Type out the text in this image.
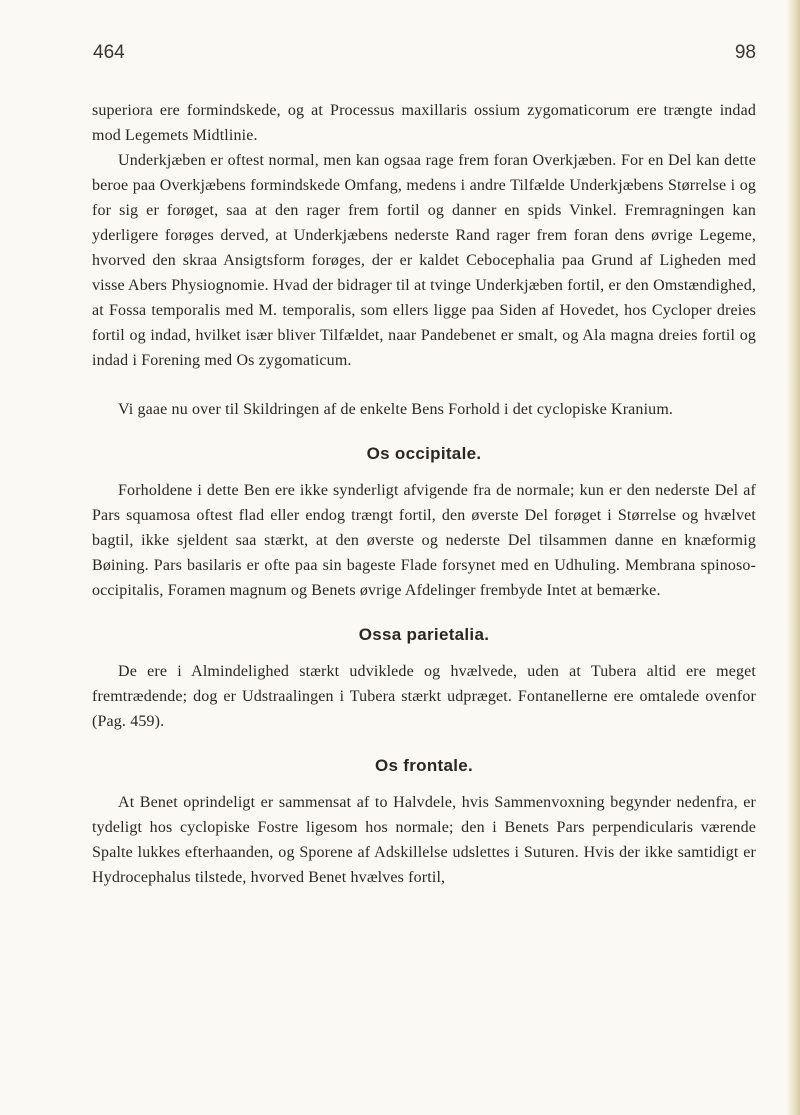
464	98

superiora ere formindskede, og at Processus maxillaris ossium zygomaticorum ere trængte indad mod Legemets Midtlinie.

Underkjæben er oftest normal, men kan ogsaa rage frem foran Overkjæben. For en Del kan dette beroe paa Overkjæbens formindskede Omfang, medens i andre Tilfælde Underkjæbens Størrelse i og for sig er forøget, saa at den rager frem fortil og danner en spids Vinkel. Fremragningen kan yderligere forøges derved, at Underkjæbens nederste Rand rager frem foran dens øvrige Legeme, hvorved den skraa Ansigtsform forøges, der er kaldet Cebocephalia paa Grund af Ligheden med visse Abers Physiognomie. Hvad der bidrager til at tvinge Underkjæben fortil, er den Omstændighed, at Fossa temporalis med M. temporalis, som ellers ligge paa Siden af Hovedet, hos Cycloper dreies fortil og indad, hvilket især bliver Tilfældet, naar Pandebenet er smalt, og Ala magna dreies fortil og indad i Forening med Os zygomaticum.

Vi gaae nu over til Skildringen af de enkelte Bens Forhold i det cyclopiske Kranium.

Os occipitale.

Forholdene i dette Ben ere ikke synderligt afvigende fra de normale; kun er den nederste Del af Pars squamosa oftest flad eller endog trængt fortil, den øverste Del forøget i Størrelse og hvælvet bagtil, ikke sjeldent saa stærkt, at den øverste og nederste Del tilsammen danne en knæformig Bøining. Pars basilaris er ofte paa sin bageste Flade forsynet med en Udhuling. Membrana spinoso-occipitalis, Foramen magnum og Benets øvrige Afdelinger frembyde Intet at bemærke.

Ossa parietalia.

De ere i Almindelighed stærkt udviklede og hvælvede, uden at Tubera altid ere meget fremtrædende; dog er Udstraalingen i Tubera stærkt udpræget. Fontanellerne ere omtalede ovenfor (Pag. 459).

Os frontale.

At Benet oprindeligt er sammensat af to Halvdele, hvis Sammenvoxning begynder nedenfra, er tydeligt hos cyclopiske Fostre ligesom hos normale; den i Benets Pars perpendicularis værende Spalte lukkes efterhaanden, og Sporene af Adskillelse udslettes i Suturen. Hvis der ikke samtidigt er Hydrocephalus tilstede, hvorved Benet hvælves fortil,
